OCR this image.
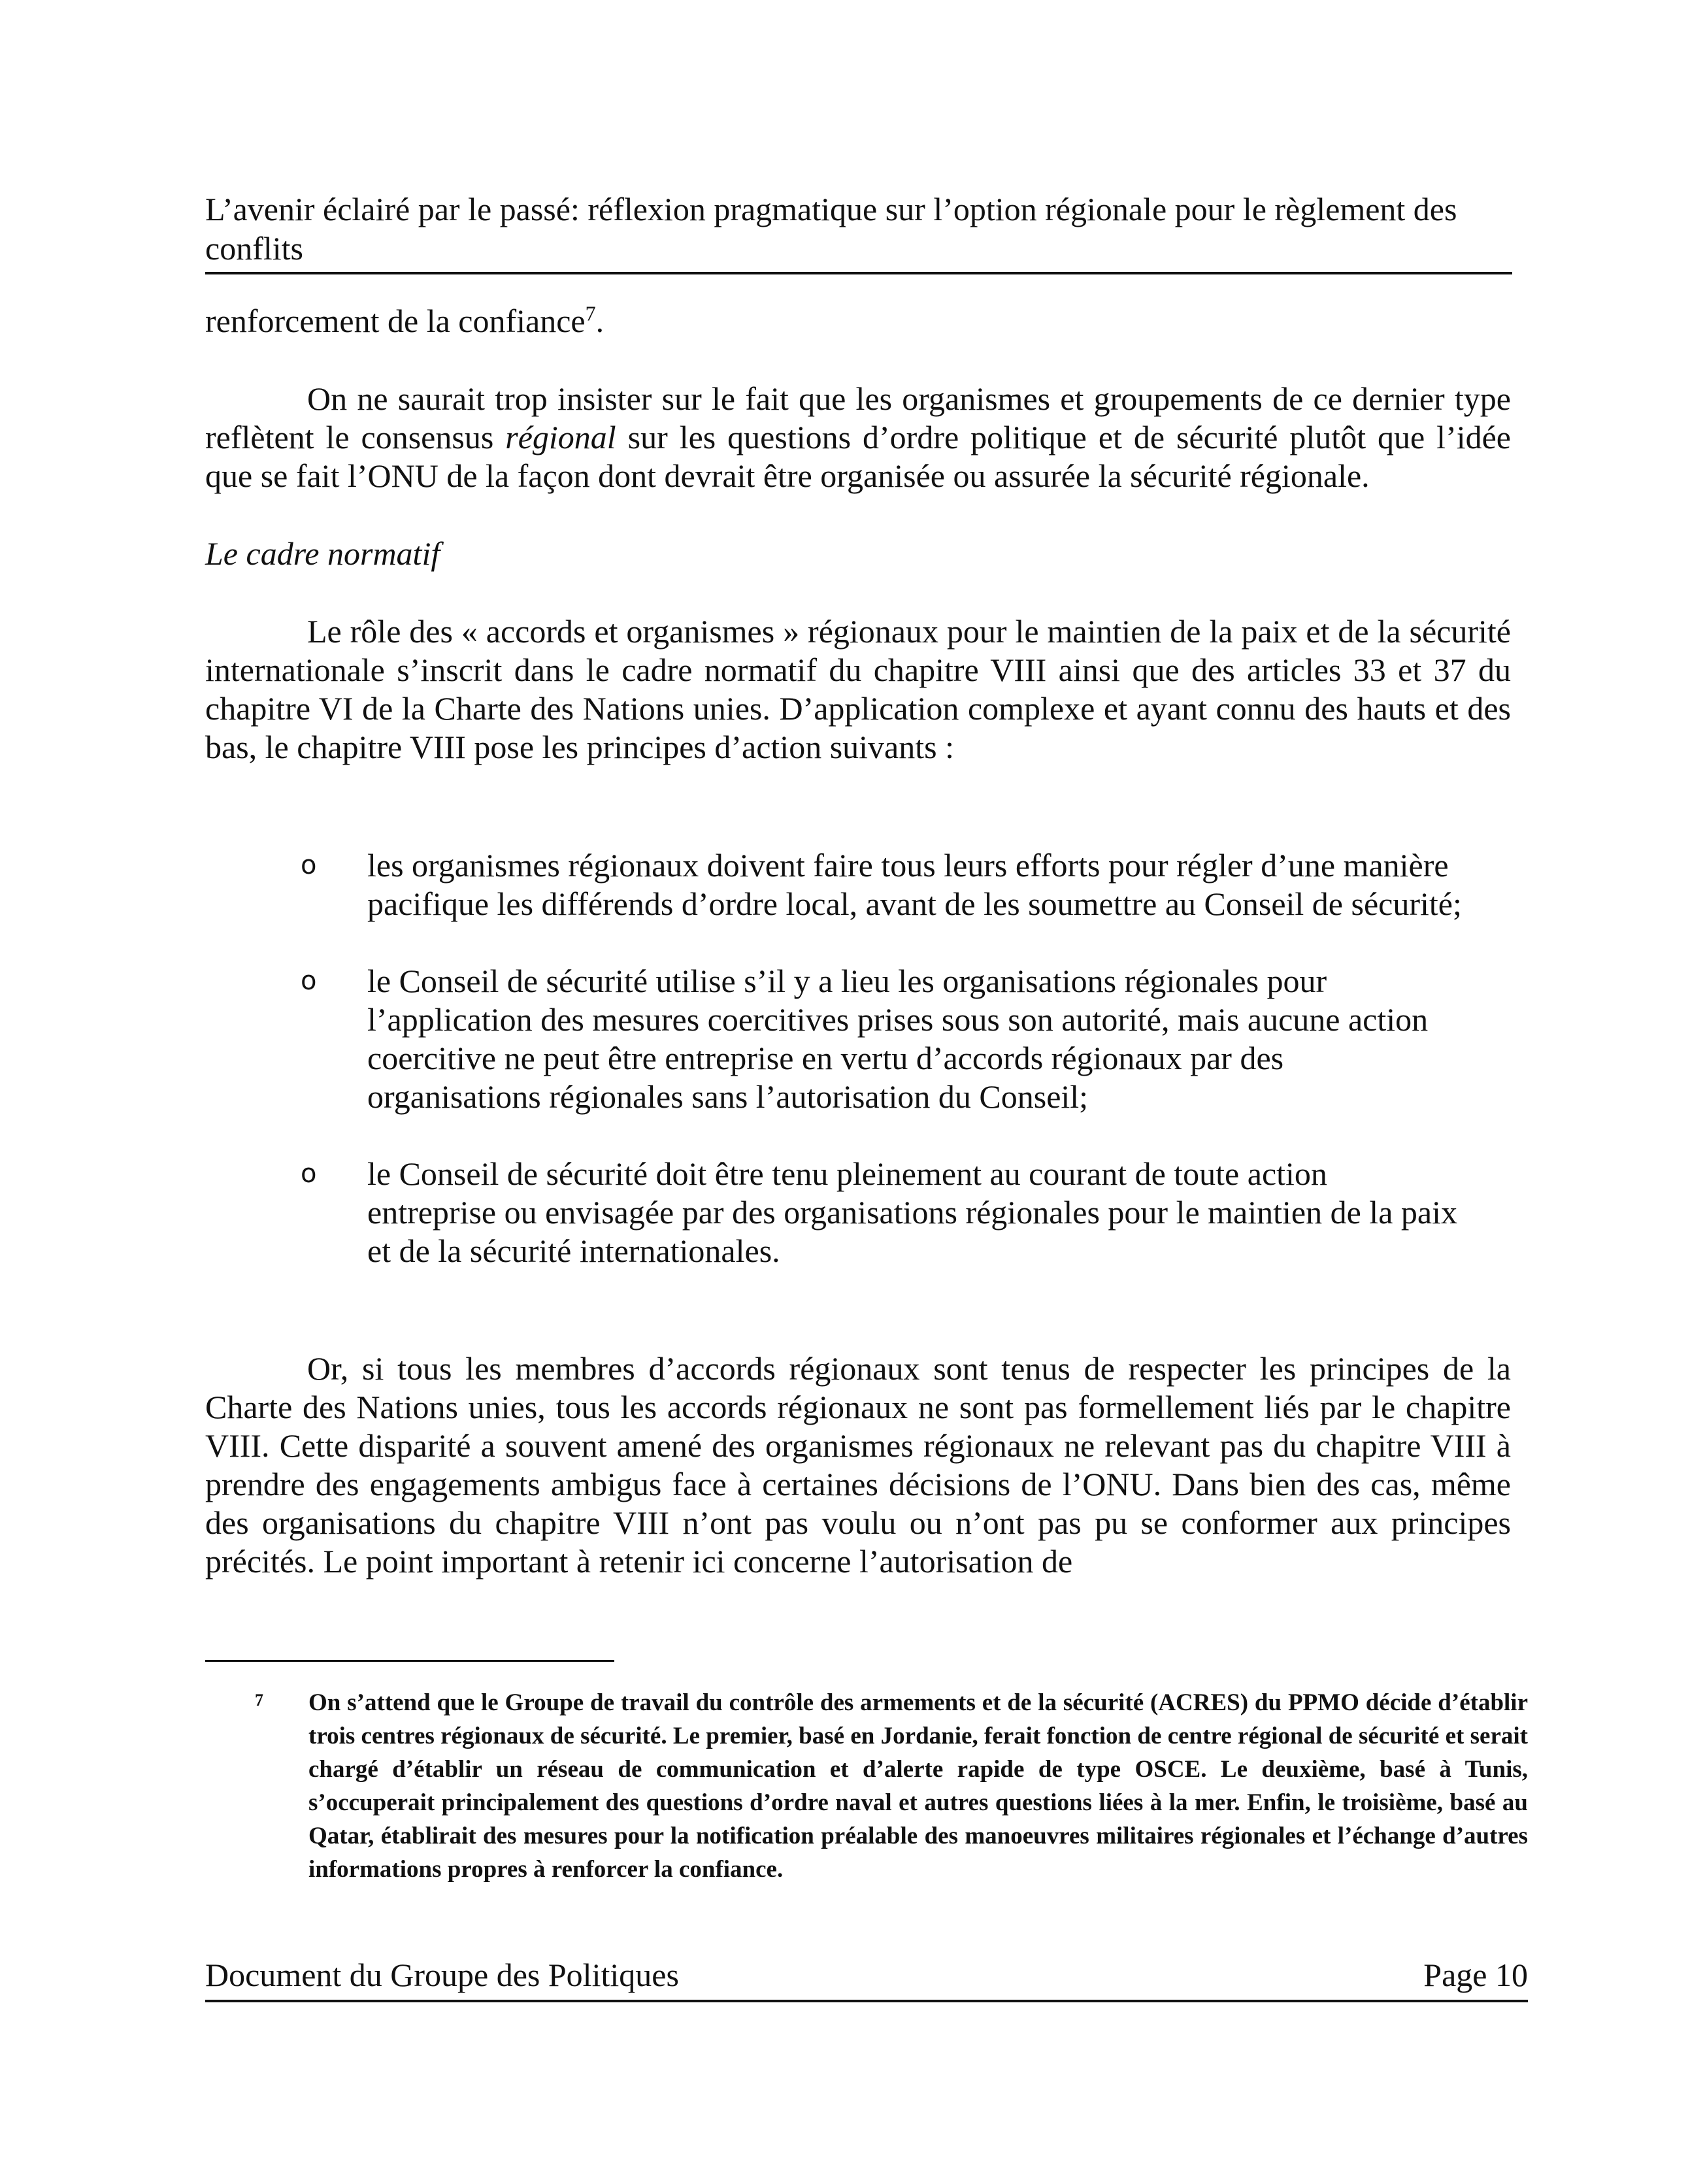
L’avenir éclairé par le passé: réflexion pragmatique sur l’option régionale pour le règlement des conflits

renforcement de la confiance$^7$.

On ne saurait trop insister sur le fait que les organismes et groupements de ce dernier type reflètent le consensus régional sur les questions d’ordre politique et de sécurité plutôt que l’idée que se fait l’ONU de la façon dont devrait être organisée ou assurée la sécurité régionale.

Le cadre normatif

Le rôle des « accords et organismes » régionaux pour le maintien de la paix et de la sécurité internationale s’inscrit dans le cadre normatif du chapitre VIII ainsi que des articles 33 et 37 du chapitre VI de la Charte des Nations unies. D’application complexe et ayant connu des hauts et des bas, le chapitre VIII pose les principes d’action suivants :

o les organismes régionaux doivent faire tous leurs efforts pour régler d’une manière pacifique les différends d’ordre local, avant de les soumettre au Conseil de sécurité;

o le Conseil de sécurité utilise s’il y a lieu les organisations régionales pour l’application des mesures coercitives prises sous son autorité, mais aucune action coercitive ne peut être entreprise en vertu d’accords régionaux par des organisations régionales sans l’autorisation du Conseil;

o le Conseil de sécurité doit être tenu pleinement au courant de toute action entreprise ou envisagée par des organisations régionales pour le maintien de la paix et de la sécurité internationales.

Or, si tous les membres d’accords régionaux sont tenus de respecter les principes de la Charte des Nations unies, tous les accords régionaux ne sont pas formellement liés par le chapitre VIII. Cette disparité a souvent amené des organismes régionaux ne relevant pas du chapitre VIII à prendre des engagements ambigus face à certaines décisions de l’ONU. Dans bien des cas, même des organisations du chapitre VIII n’ont pas voulu ou n’ont pas pu se conformer aux principes précités. Le point important à retenir ici concerne l’autorisation de

7 On s’attend que le Groupe de travail du contrôle des armements et de la sécurité (ACRES) du PPMO décide d’établir trois centres régionaux de sécurité. Le premier, basé en Jordanie, ferait fonction de centre régional de sécurité et serait chargé d’établir un réseau de communication et d’alerte rapide de type OSCE. Le deuxième, basé à Tunis, s’occuperait principalement des questions d’ordre naval et autres questions liées à la mer. Enfin, le troisième, basé au Qatar, établirait des mesures pour la notification préalable des manoeuvres militaires régionales et l’échange d’autres informations propres à renforcer la confiance.

Document du Groupe des Politiques	Page 10
